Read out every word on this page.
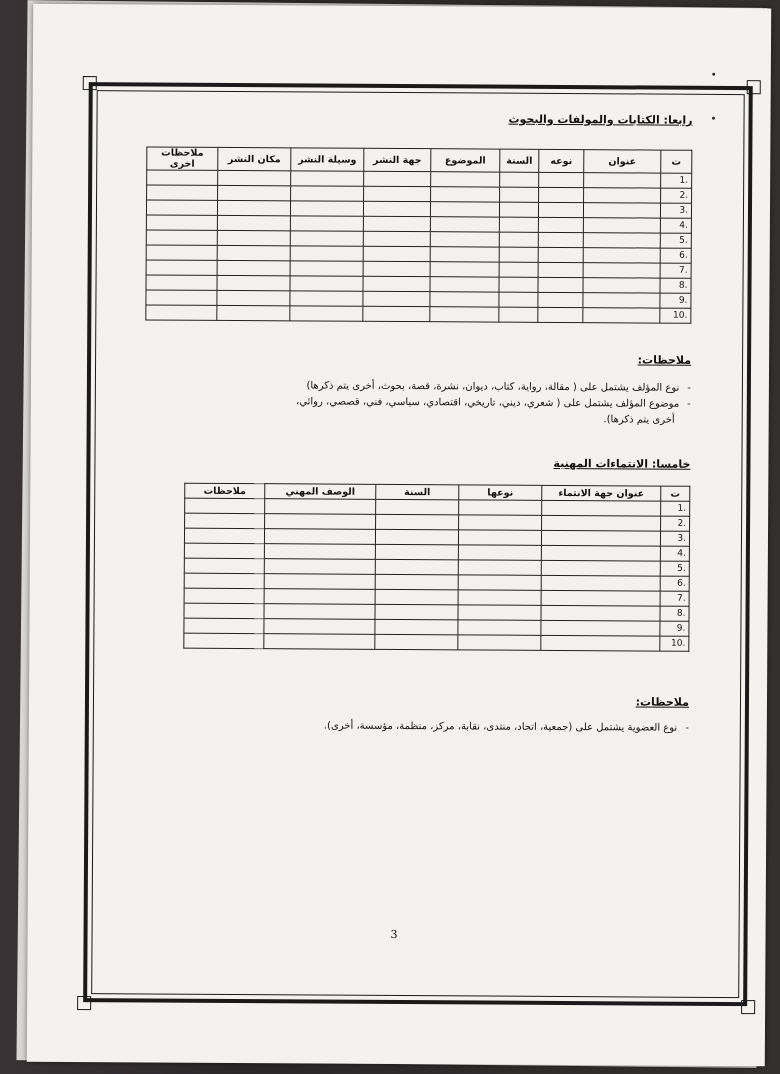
•
•
رابعا: الكتابات والمولفات والبحوث
ت	عنوان	نوعه	السنة	الموضوع	جهة النشر	وسيلة النشر	مكان النشر	ملاحظات اخرى
.1								
.2								
.3								
.4								
.5								
.6								
.7								
.8								
.9								
.10								
ملاحظات:
-نوع المؤلف يشتمل على ( مقالة، رواية، كتاب، ديوان، نشرة، قصة، بحوث، أخرى يتم ذكرها)
-موضوع المؤلف يشتمل على ( شعري، ديني، تاريخي، اقتصادي، سياسي، فني، قصصي، روائي،
أخرى يتم ذكرها).
خامسا: الانتماءات المهنية
ت	عنوان جهة الانتماء	نوعها	السنة	الوصف المهني	ملاحظات
.1					
.2					
.3					
.4					
.5					
.6					
.7					
.8					
.9					
.10					
ملاحظات:
-نوع العضوية يشتمل على (جمعية، اتحاد، منتدى، نقابة، مركز، منظمة، مؤسسة، أخرى).
3
